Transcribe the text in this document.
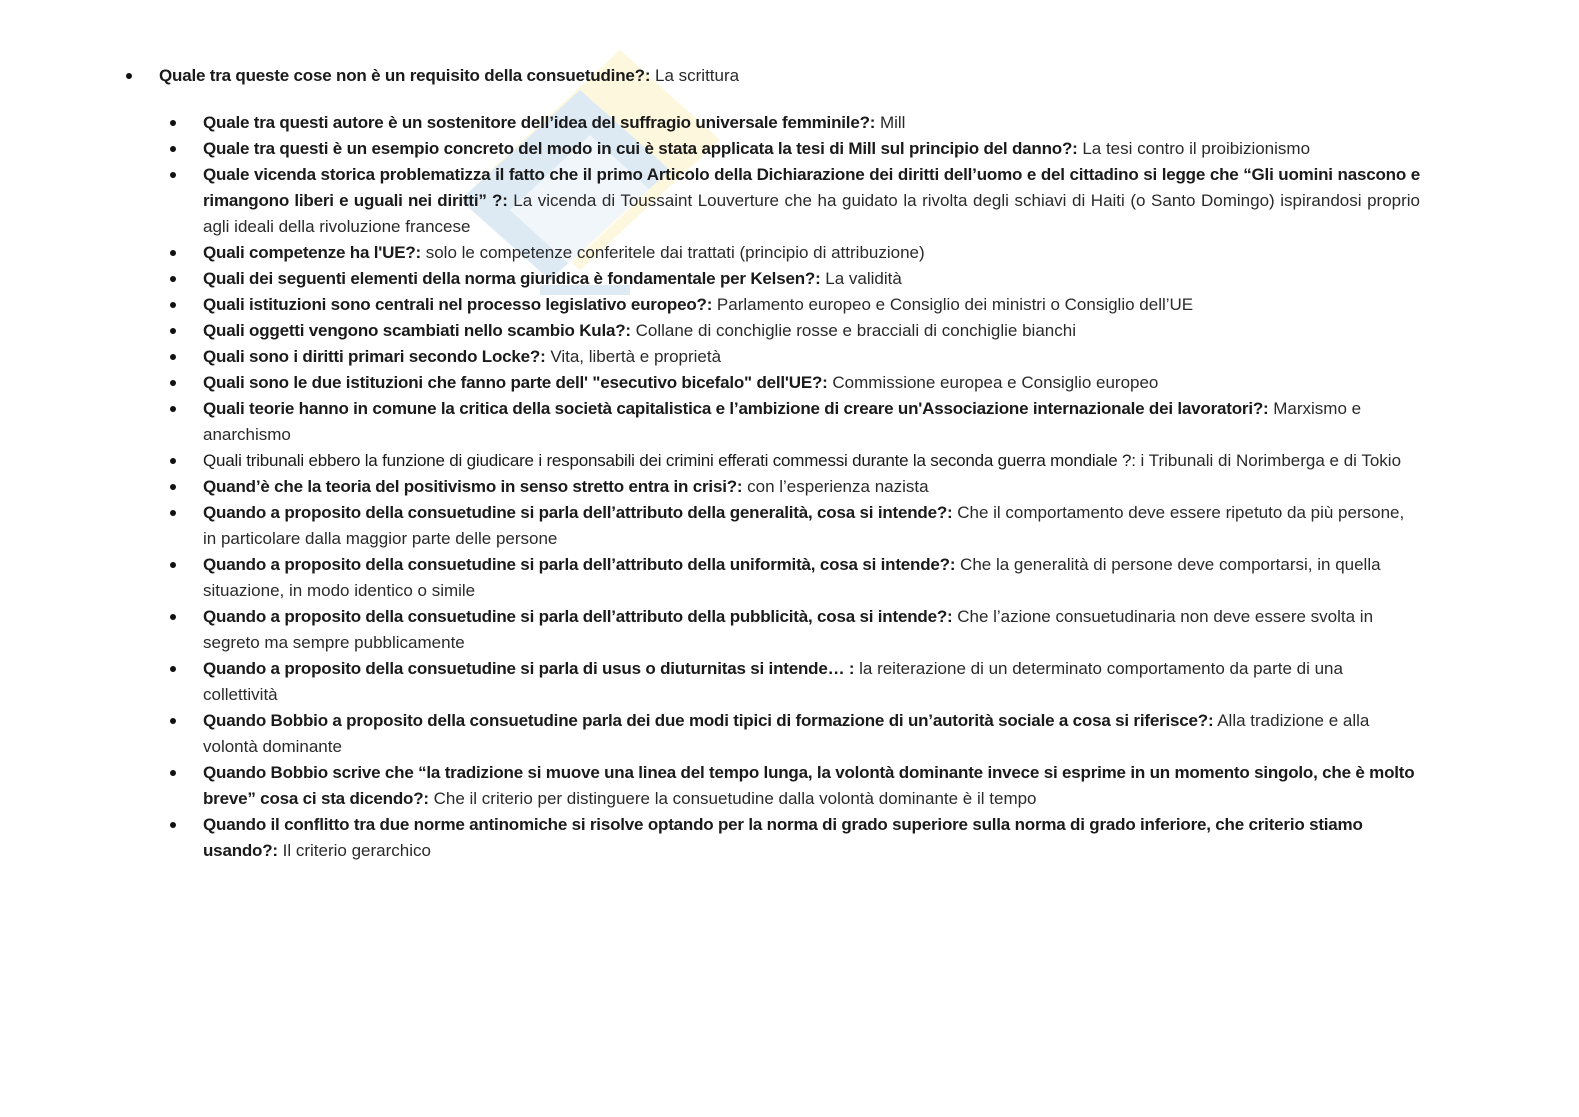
Quale tra queste cose non è un requisito della consuetudine?: La scrittura
Quale tra questi autore è un sostenitore dell’idea del suffragio universale femminile?: Mill
Quale tra questi è un esempio concreto del modo in cui è stata applicata la tesi di Mill sul principio del danno?: La tesi contro il proibizionismo
Quale vicenda storica problematizza il fatto che il primo Articolo della Dichiarazione dei diritti dell’uomo e del cittadino si legge che “Gli uomini nascono e rimangono liberi e uguali nei diritti” ?: La vicenda di Toussaint Louverture che ha guidato la rivolta degli schiavi di Haiti (o Santo Domingo) ispirandosi proprio agli ideali della rivoluzione francese
Quali competenze ha l'UE?: solo le competenze conferitele dai trattati (principio di attribuzione)
Quali dei seguenti elementi della norma giuridica è fondamentale per Kelsen?: La validità
Quali istituzioni sono centrali nel processo legislativo europeo?: Parlamento europeo e Consiglio dei ministri o Consiglio dell’UE
Quali oggetti vengono scambiati nello scambio Kula?: Collane di conchiglie rosse e bracciali di conchiglie bianchi
Quali sono i diritti primari secondo Locke?: Vita, libertà e proprietà
Quali sono le due istituzioni che fanno parte dell' "esecutivo bicefalo" dell'UE?: Commissione europea e Consiglio europeo
Quali teorie hanno in comune la critica della società capitalistica e l’ambizione di creare un'Associazione internazionale dei lavoratori?: Marxismo e anarchismo
Quali tribunali ebbero la funzione di giudicare i responsabili dei crimini efferati commessi durante la seconda guerra mondiale ?: i Tribunali di Norimberga e di Tokio
Quand’è che la teoria del positivismo in senso stretto entra in crisi?: con l’esperienza nazista
Quando a proposito della consuetudine si parla dell’attributo della generalità, cosa si intende?: Che il comportamento deve essere ripetuto da più persone, in particolare dalla maggior parte delle persone
Quando a proposito della consuetudine si parla dell’attributo della uniformità, cosa si intende?: Che la generalità di persone deve comportarsi, in quella situazione, in modo identico o simile
Quando a proposito della consuetudine si parla dell’attributo della pubblicità, cosa si intende?: Che l’azione consuetudinaria non deve essere svolta in segreto ma sempre pubblicamente
Quando a proposito della consuetudine si parla di usus o diuturnitas si intende… : la reiterazione di un determinato comportamento da parte di una collettività
Quando Bobbio a proposito della consuetudine parla dei due modi tipici di formazione di un’autorità sociale a cosa si riferisce?: Alla tradizione e alla volontà dominante
Quando Bobbio scrive che “la tradizione si muove una linea del tempo lunga, la volontà dominante invece si esprime in un momento singolo, che è molto breve” cosa ci sta dicendo?: Che il criterio per distinguere la consuetudine dalla volontà dominante è il tempo
Quando il conflitto tra due norme antinomiche si risolve optando per la norma di grado superiore sulla norma di grado inferiore, che criterio stiamo usando?: Il criterio gerarchico
